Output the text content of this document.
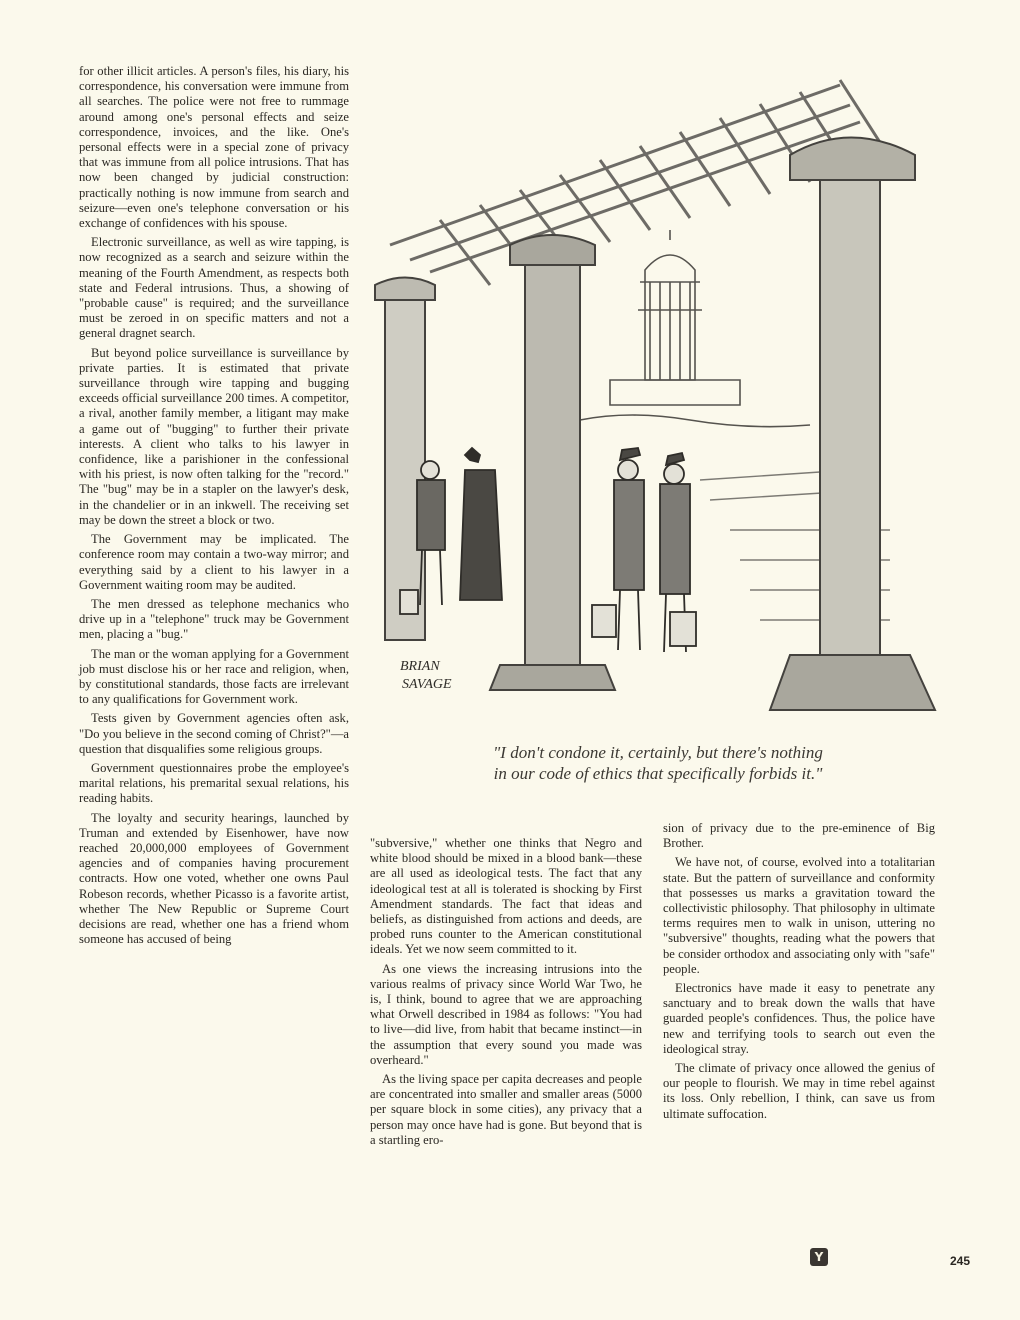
for other illicit articles. A person's files, his diary, his correspondence, his conversation were immune from all searches. The police were not free to rummage around among one's personal effects and seize correspondence, invoices, and the like. One's personal effects were in a special zone of privacy that was immune from all police intrusions. That has now been changed by judicial construction: practically nothing is now immune from search and seizure—even one's telephone conversation or his exchange of confidences with his spouse.

Electronic surveillance, as well as wire tapping, is now recognized as a search and seizure within the meaning of the Fourth Amendment, as respects both state and Federal intrusions. Thus, a showing of "probable cause" is required; and the surveillance must be zeroed in on specific matters and not a general dragnet search.

But beyond police surveillance is surveillance by private parties. It is estimated that private surveillance through wire tapping and bugging exceeds official surveillance 200 times. A competitor, a rival, another family member, a litigant may make a game out of "bugging" to further their private interests. A client who talks to his lawyer in confidence, like a parishioner in the confessional with his priest, is now often talking for the "record." The "bug" may be in a stapler on the lawyer's desk, in the chandelier or in an inkwell. The receiving set may be down the street a block or two.

The Government may be implicated. The conference room may contain a two-way mirror; and everything said by a client to his lawyer in a Government waiting room may be audited.

The men dressed as telephone mechanics who drive up in a "telephone" truck may be Government men, placing a "bug."

The man or the woman applying for a Government job must disclose his or her race and religion, when, by constitutional standards, those facts are irrelevant to any qualifications for Government work.

Tests given by Government agencies often ask, "Do you believe in the second coming of Christ?"—a question that disqualifies some religious groups.

Government questionnaires probe the employee's marital relations, his premarital sexual relations, his reading habits.

The loyalty and security hearings, launched by Truman and extended by Eisenhower, have now reached 20,000,000 employees of Government agencies and of companies having procurement contracts. How one voted, whether one owns Paul Robeson records, whether Picasso is a favorite artist, whether The New Republic or Supreme Court decisions are read, whether one has a friend whom someone has accused of being

BRIAN
SAVAGE
"I don't condone it, certainly, but there's nothing
in our code of ethics that specifically forbids it."

"subversive," whether one thinks that Negro and white blood should be mixed in a blood bank—these are all used as ideological tests. The fact that any ideological test at all is tolerated is shocking by First Amendment standards. The fact that ideas and beliefs, as distinguished from actions and deeds, are probed runs counter to the American constitutional ideals. Yet we now seem committed to it.

As one views the increasing intrusions into the various realms of privacy since World War Two, he is, I think, bound to agree that we are approaching what Orwell described in 1984 as follows: "You had to live—did live, from habit that became instinct—in the assumption that every sound you made was overheard."

As the living space per capita decreases and people are concentrated into smaller and smaller areas (5000 per square block in some cities), any privacy that a person may once have had is gone. But beyond that is a startling ero-

sion of privacy due to the pre-eminence of Big Brother.

We have not, of course, evolved into a totalitarian state. But the pattern of surveillance and conformity that possesses us marks a gravitation toward the collectivistic philosophy. That philosophy in ultimate terms requires men to walk in unison, uttering no "subversive" thoughts, reading what the powers that be consider orthodox and associating only with "safe" people.

Electronics have made it easy to penetrate any sanctuary and to break down the walls that have guarded people's confidences. Thus, the police have new and terrifying tools to search out even the ideological stray.

The climate of privacy once allowed the genius of our people to flourish. We may in time rebel against its loss. Only rebellion, I think, can save us from ultimate suffocation.

Y	245
